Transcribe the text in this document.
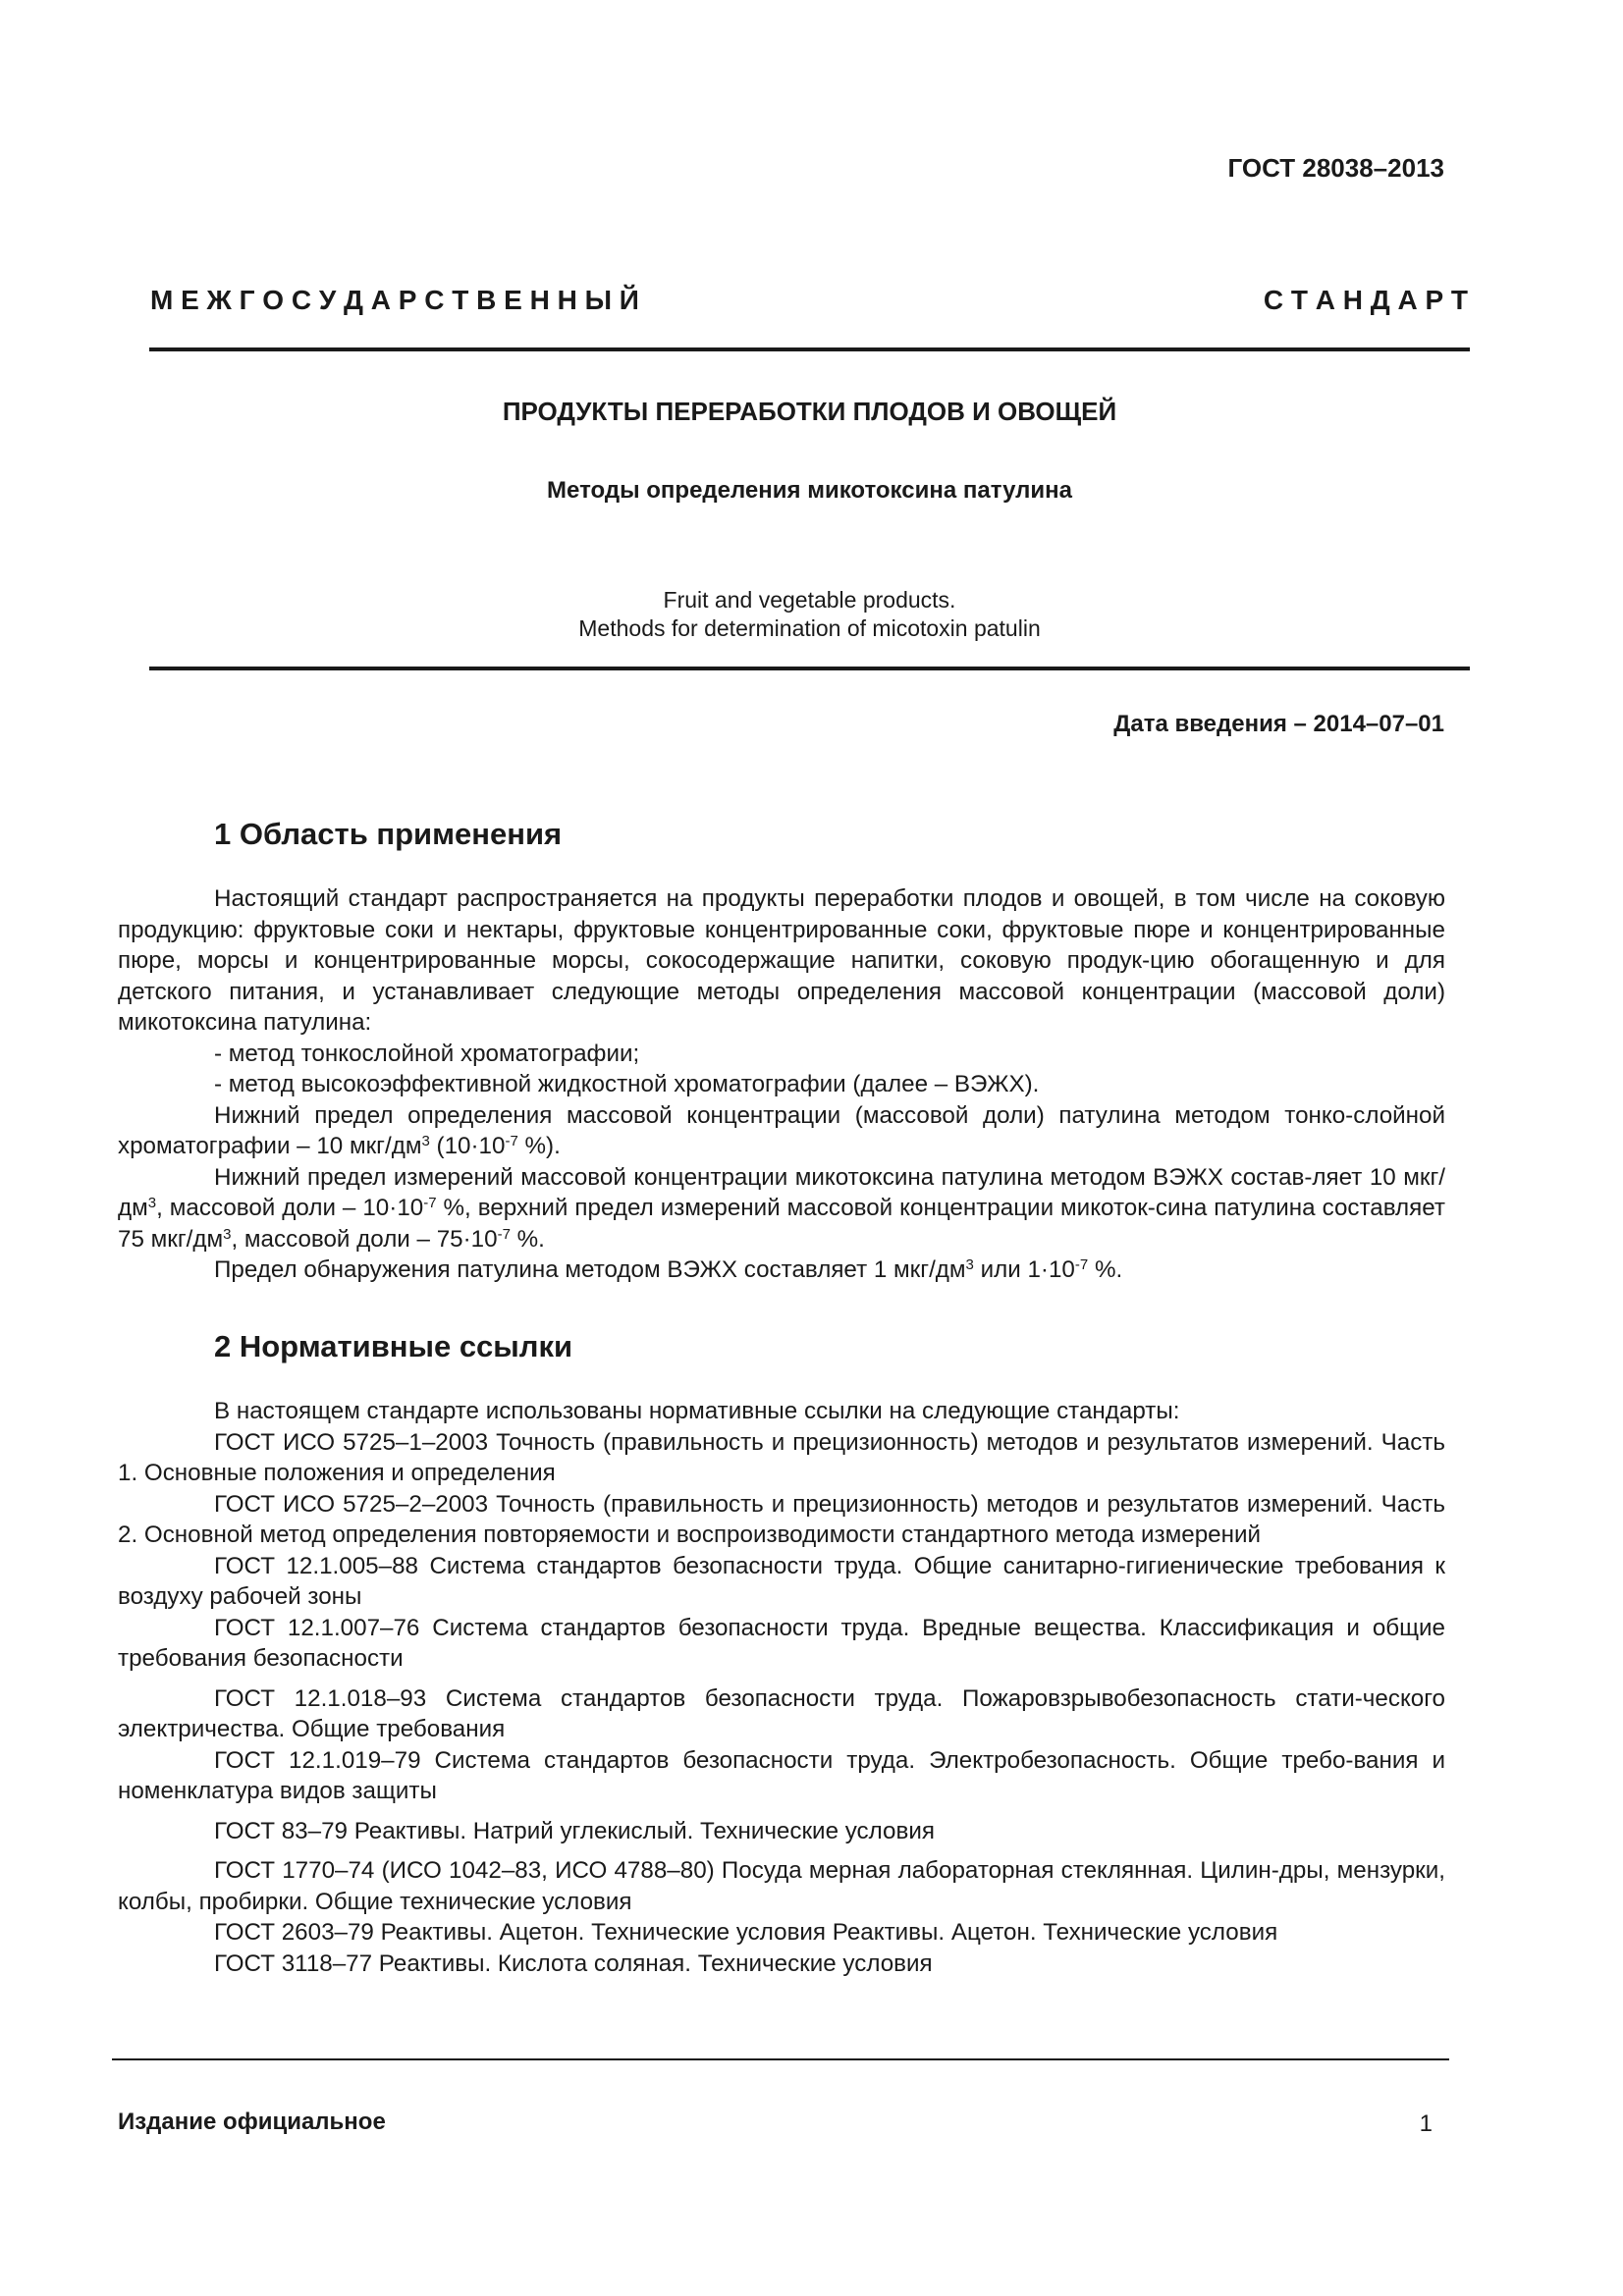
ГОСТ 28038–2013
М Е Ж Г О С У Д А Р С Т В Е Н Н Ы Й	С Т А Н Д А Р Т
ПРОДУКТЫ ПЕРЕРАБОТКИ ПЛОДОВ И ОВОЩЕЙ
Методы определения микотоксина патулина
Fruit and vegetable products.
Methods for determination of micotoxin patulin
Дата введения – 2014–07–01
1 Область применения

Настоящий стандарт распространяется на продукты переработки плодов и овощей, в том числе на соковую продукцию: фруктовые соки и нектары, фруктовые концентрированные соки, фруктовые пюре и концентрированные пюре, морсы и концентрированные морсы, сокосодержащие напитки, соковую продук-цию обогащенную и для детского питания, и устанавливает следующие методы определения массовой концентрации (массовой доли) микотоксина патулина:

- метод тонкослойной хроматографии;

- метод высокоэффективной жидкостной хроматографии (далее – ВЭЖХ).

Нижний предел определения массовой концентрации (массовой доли) патулина методом тонко-слойной хроматографии – 10 мкг/$дм^3$ ($10\cdot 10^{-7}$ %).

Нижний предел измерений массовой концентрации микотоксина патулина методом ВЭЖХ состав-ляет 10 мкг/$дм^3$, массовой доли – $10\cdot 10^{-7}$ %, верхний предел измерений массовой концентрации микоток-сина патулина составляет 75 мкг/$дм^3$, массовой доли – $75\cdot 10^{-7}$ %.

Предел обнаружения патулина методом ВЭЖХ составляет 1 мкг/$дм^3$ или $1\cdot 10^{-7}$ %.

2 Нормативные ссылки

В настоящем стандарте использованы нормативные ссылки на следующие стандарты:

ГОСТ ИСО 5725–1–2003 Точность (правильность и прецизионность) методов и результатов измерений. Часть 1. Основные положения и определения

ГОСТ ИСО 5725–2–2003 Точность (правильность и прецизионность) методов и результатов измерений. Часть 2. Основной метод определения повторяемости и воспроизводимости стандартного метода измерений

ГОСТ 12.1.005–88 Система стандартов безопасности труда. Общие санитарно-гигиенические требования к воздуху рабочей зоны

ГОСТ 12.1.007–76 Система стандартов безопасности труда. Вредные вещества. Классификация и общие требования безопасности

ГОСТ 12.1.018–93 Система стандартов безопасности труда. Пожаровзрывобезопасность стати-ческого электричества. Общие требования

ГОСТ 12.1.019–79 Система стандартов безопасности труда. Электробезопасность. Общие требо-вания и номенклатура видов защиты

ГОСТ 83–79 Реактивы. Натрий углекислый. Технические условия

ГОСТ 1770–74 (ИСО 1042–83, ИСО 4788–80) Посуда мерная лабораторная стеклянная. Цилин-дры, мензурки, колбы, пробирки. Общие технические условия

ГОСТ 2603–79 Реактивы. Ацетон. Технические условия Реактивы. Ацетон. Технические условия

ГОСТ 3118–77 Реактивы. Кислота соляная. Технические условия

Издание официальное	1
